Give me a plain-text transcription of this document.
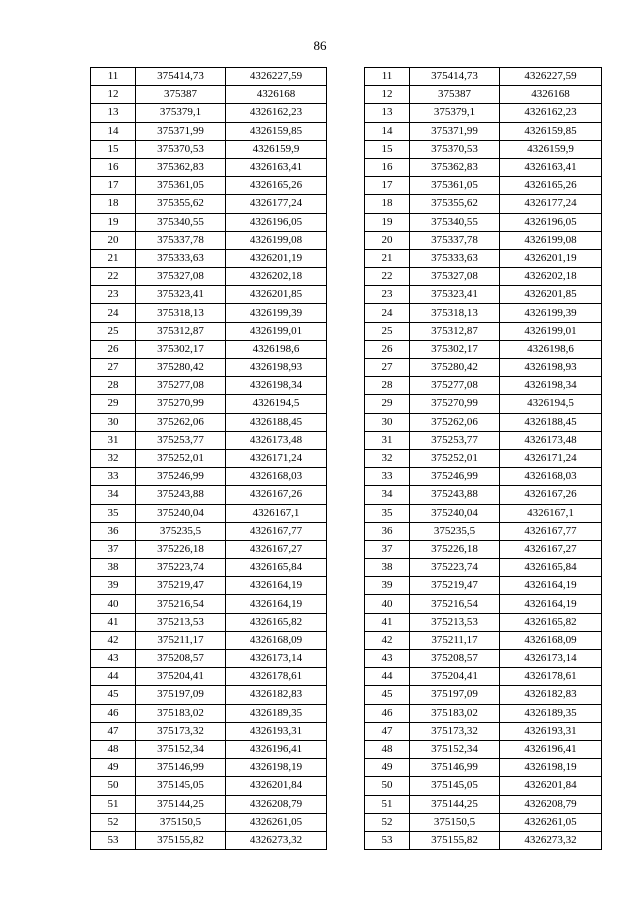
86
11	375414,73	4326227,59
12	375387	4326168
13	375379,1	4326162,23
14	375371,99	4326159,85
15	375370,53	4326159,9
16	375362,83	4326163,41
17	375361,05	4326165,26
18	375355,62	4326177,24
19	375340,55	4326196,05
20	375337,78	4326199,08
21	375333,63	4326201,19
22	375327,08	4326202,18
23	375323,41	4326201,85
24	375318,13	4326199,39
25	375312,87	4326199,01
26	375302,17	4326198,6
27	375280,42	4326198,93
28	375277,08	4326198,34
29	375270,99	4326194,5
30	375262,06	4326188,45
31	375253,77	4326173,48
32	375252,01	4326171,24
33	375246,99	4326168,03
34	375243,88	4326167,26
35	375240,04	4326167,1
36	375235,5	4326167,77
37	375226,18	4326167,27
38	375223,74	4326165,84
39	375219,47	4326164,19
40	375216,54	4326164,19
41	375213,53	4326165,82
42	375211,17	4326168,09
43	375208,57	4326173,14
44	375204,41	4326178,61
45	375197,09	4326182,83
46	375183,02	4326189,35
47	375173,32	4326193,31
48	375152,34	4326196,41
49	375146,99	4326198,19
50	375145,05	4326201,84
51	375144,25	4326208,79
52	375150,5	4326261,05
53	375155,82	4326273,32
11	375414,73	4326227,59
12	375387	4326168
13	375379,1	4326162,23
14	375371,99	4326159,85
15	375370,53	4326159,9
16	375362,83	4326163,41
17	375361,05	4326165,26
18	375355,62	4326177,24
19	375340,55	4326196,05
20	375337,78	4326199,08
21	375333,63	4326201,19
22	375327,08	4326202,18
23	375323,41	4326201,85
24	375318,13	4326199,39
25	375312,87	4326199,01
26	375302,17	4326198,6
27	375280,42	4326198,93
28	375277,08	4326198,34
29	375270,99	4326194,5
30	375262,06	4326188,45
31	375253,77	4326173,48
32	375252,01	4326171,24
33	375246,99	4326168,03
34	375243,88	4326167,26
35	375240,04	4326167,1
36	375235,5	4326167,77
37	375226,18	4326167,27
38	375223,74	4326165,84
39	375219,47	4326164,19
40	375216,54	4326164,19
41	375213,53	4326165,82
42	375211,17	4326168,09
43	375208,57	4326173,14
44	375204,41	4326178,61
45	375197,09	4326182,83
46	375183,02	4326189,35
47	375173,32	4326193,31
48	375152,34	4326196,41
49	375146,99	4326198,19
50	375145,05	4326201,84
51	375144,25	4326208,79
52	375150,5	4326261,05
53	375155,82	4326273,32
